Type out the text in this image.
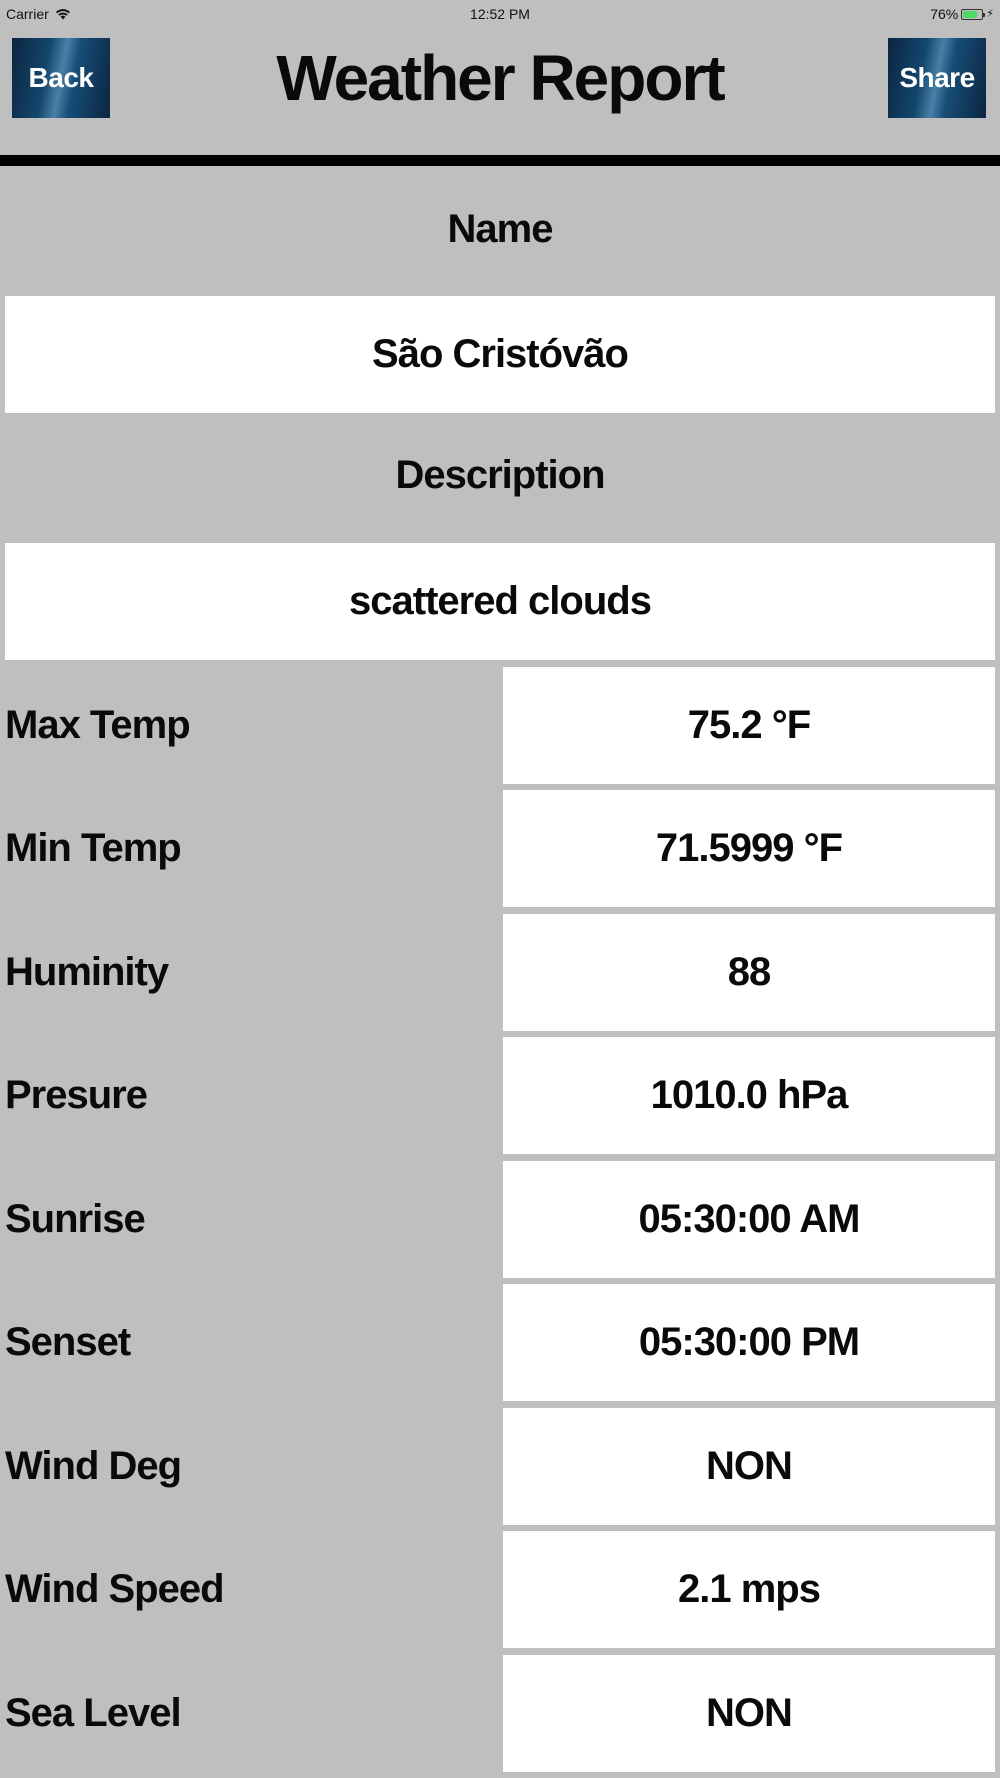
Carrier	12:52 PM	76%	⚡
Back	Weather Report	Share
Name
São Cristóvão
Description
scattered clouds
Max Temp	75.2 °F
Min Temp	71.5999 °F
Huminity	88
Presure	1010.0 hPa
Sunrise	05:30:00 AM
Senset	05:30:00 PM
Wind Deg	NON
Wind Speed	2.1 mps
Sea Level	NON
